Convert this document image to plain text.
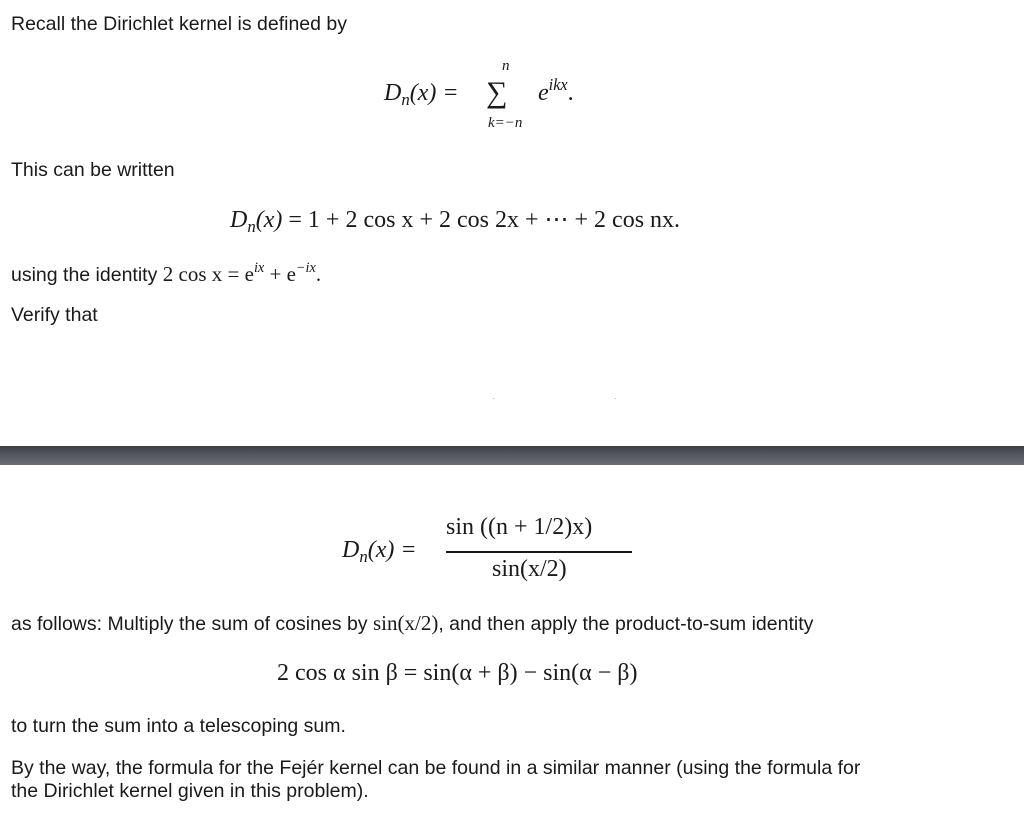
Recall the Dirichlet kernel is defined by
$D_n(x)$ =
n
∑
k=−n
$e^{ikx}$.
This can be written
$D_n(x) = 1 + 2$ cos x + 2 cos 2x + ⋯ + 2 cos nx.
using the identity 2 $\cos x = e^{ix} + e^{-ix}$.
Verify that
$D_n(x)$ =
sin ((n + 1/2)x)
sin(x/2)
as follows: Multiply the sum of cosines by sin(x/2), and then apply the product-to-sum identity
2 cos α sin β = sin(α + β) − sin(α − β)
to turn the sum into a telescoping sum.
By the way, the formula for the Fejér kernel can be found in a similar manner (using the formula for
the Dirichlet kernel given in this problem).
